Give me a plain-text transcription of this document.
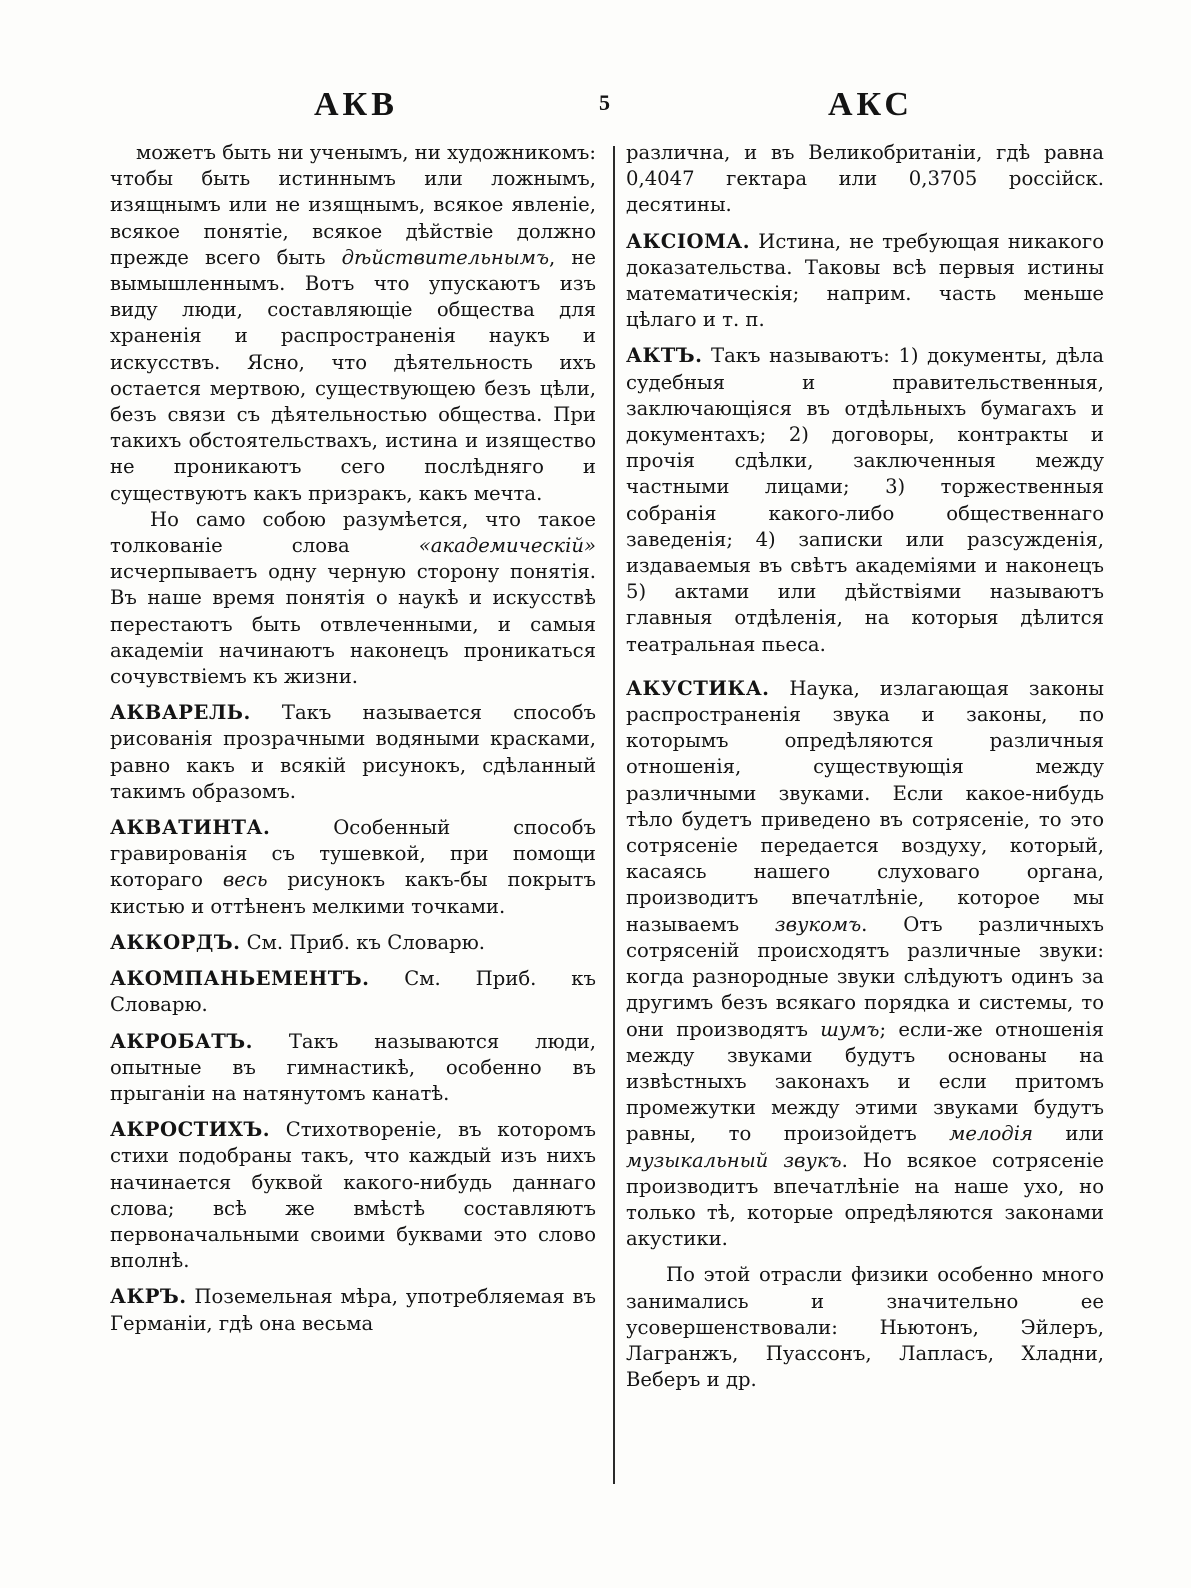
АКВ	5	АКС

можетъ быть ни ученымъ, ни художникомъ: чтобы быть истиннымъ или ложнымъ, изящнымъ или не изящнымъ, всякое явленіе, всякое понятіе, всякое дѣйствіе должно прежде всего быть дѣйствительнымъ, не вымышленнымъ. Вотъ что упускаютъ изъ виду люди, составляющіе общества для храненія и распространенія наукъ и искусствъ. Ясно, что дѣятельность ихъ остается мертвою, существующею безъ цѣли, безъ связи съ дѣятельностью общества. При такихъ обстоятельствахъ, истина и изящество не проникаютъ сего послѣдняго и существуютъ какъ призракъ, какъ мечта.

Но само собою разумѣется, что такое толкованіе слова «академическій» исчерпываетъ одну черную сторону понятія. Въ наше время понятія о наукѣ и искусствѣ перестаютъ быть отвлеченными, и самыя академіи начинаютъ наконецъ проникаться сочувствіемъ къ жизни.

АКВАРЕЛЬ. Такъ называется способъ рисованія прозрачными водяными красками, равно какъ и всякій рисунокъ, сдѣланный такимъ образомъ.

АКВАТИНТА. Особенный способъ гравированія съ тушевкой, при помощи котораго весь рисунокъ какъ-бы покрытъ кистью и оттѣненъ мелкими точками.

АККОРДЪ. См. Приб. къ Словарю.

АКОМПАНЬЕМЕНТЪ. См. Приб. къ Словарю.

АКРОБАТЪ. Такъ называются люди, опытные въ гимнастикѣ, особенно въ прыганіи на натянутомъ канатѣ.

АКРОСТИХЪ. Стихотвореніе, въ которомъ стихи подобраны такъ, что каждый изъ нихъ начинается буквой какого-нибудь даннаго слова; всѣ же вмѣстѣ составляютъ первоначальными своими буквами это слово вполнѣ.

АКРЪ. Поземельная мѣра, употребляемая въ Германіи, гдѣ она весьма

различна, и въ Великобританіи, гдѣ равна 0,4047 гектара или 0,3705 россійск. десятины.

АКСІОМА. Истина, не требующая никакого доказательства. Таковы всѣ первыя истины математическія; наприм. часть меньше цѣлаго и т. п.

АКТЪ. Такъ называютъ: 1) документы, дѣла судебныя и правительственныя, заключающіяся въ отдѣльныхъ бумагахъ и документахъ; 2) договоры, контракты и прочія сдѣлки, заключенныя между частными лицами; 3) торжественныя собранія какого-либо общественнаго заведенія; 4) записки или разсужденія, издаваемыя въ свѣтъ академіями и наконецъ 5) актами или дѣйствіями называютъ главныя отдѣленія, на которыя дѣлится театральная пьеса.

АКУСТИКА. Наука, излагающая законы распространенія звука и законы, по которымъ опредѣляются различныя отношенія, существующія между различными звуками. Если какое-нибудь тѣло будетъ приведено въ сотрясеніе, то это сотрясеніе передается воздуху, который, касаясь нашего слуховаго органа, производитъ впечатлѣніе, которое мы называемъ звукомъ. Отъ различныхъ сотрясеній происходятъ различные звуки: когда разнородные звуки слѣдуютъ одинъ за другимъ безъ всякаго порядка и системы, то они производятъ шумъ; если-же отношенія между звуками будутъ основаны на извѣстныхъ законахъ и если притомъ промежутки между этими звуками будутъ равны, то произойдетъ мелодія или музыкальный звукъ. Но всякое сотрясеніе производитъ впечатлѣніе на наше ухо, но только тѣ, которые опредѣляются законами акустики.

По этой отрасли физики особенно много занимались и значительно ее усовершенствовали: Ньютонъ, Эйлеръ, Лагранжъ, Пуассонъ, Лапласъ, Хладни, Веберъ и др.
